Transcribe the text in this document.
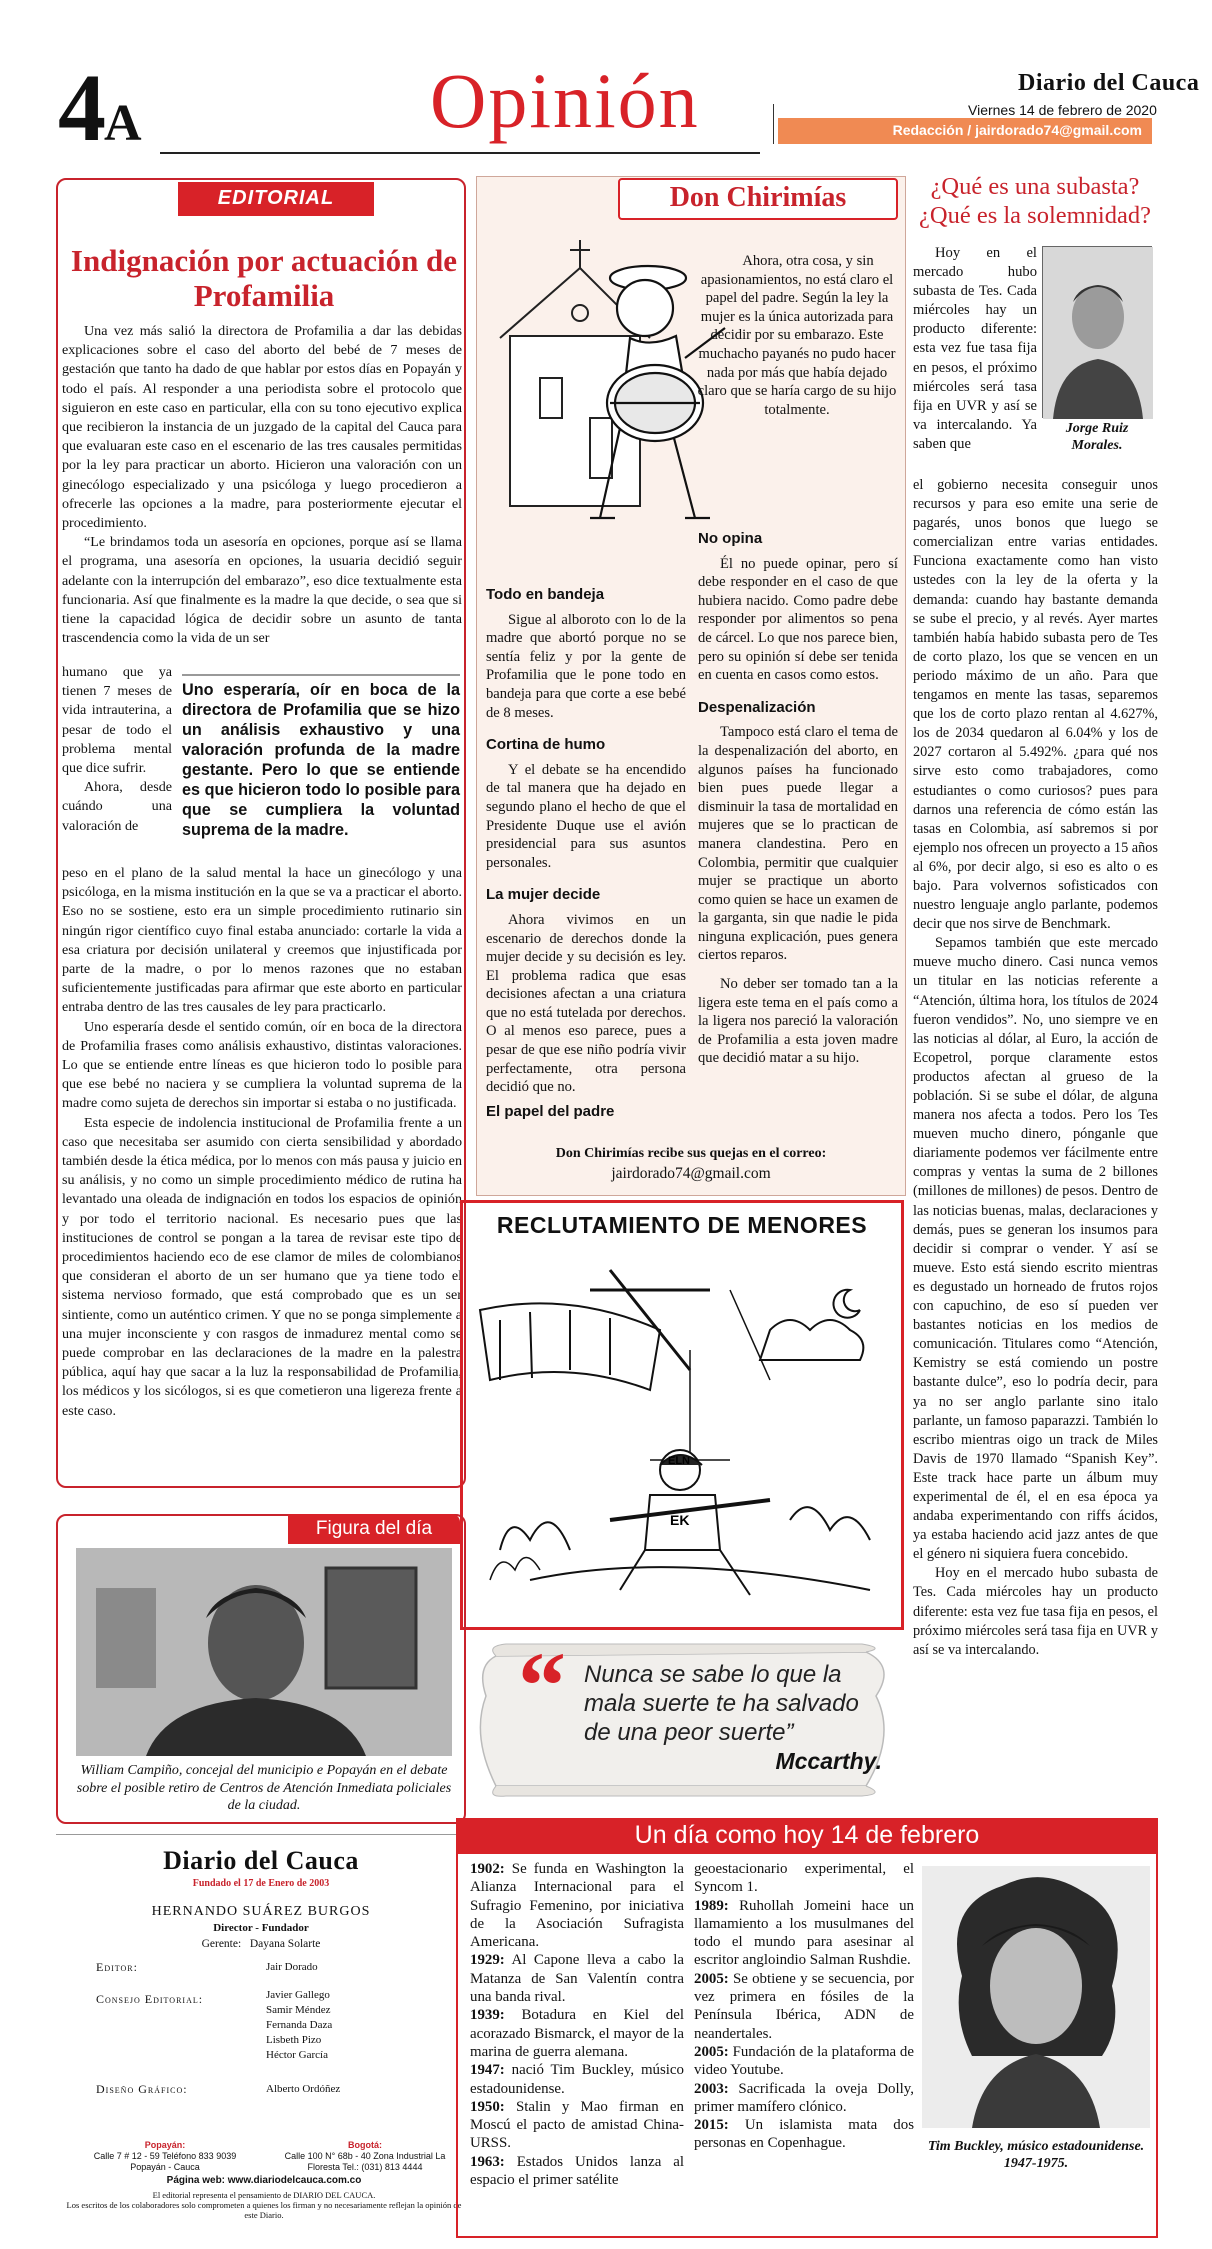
4A	Opinión	Diario del Cauca
Viernes 14 de febrero de 2020
Redacción / jairdorado74@gmail.com
EDITORIAL
Indignación por actuación de Profamilia

Una vez más salió la directora de Profamilia a dar las debidas explicaciones sobre el caso del aborto del bebé de 7 meses de gestación que tanto ha dado de que hablar por estos días en Popayán y todo el país. Al responder a una periodista sobre el protocolo que siguieron en este caso en particular, ella con su tono ejecutivo explica que recibieron la instancia de un juzgado de la capital del Cauca para que evaluaran este caso en el escenario de las tres causales permitidas por la ley para practicar un aborto. Hicieron una valoración con un ginecólogo especializado y una psicóloga y luego procedieron a ofrecerle las opciones a la madre, para posteriormente ejecutar el procedimiento.

“Le brindamos toda un asesoría en opciones, porque así se llama el programa, una asesoría en opciones, la usuaria decidió seguir adelante con la interrupción del embarazo”, eso dice textualmente esta funcionaria. Así que finalmente es la madre la que decide, o sea que si tiene la capacidad lógica de decidir sobre un asunto de tanta trascendencia como la vida de un ser

humano que ya tienen 7 meses de vida intrauterina, a pesar de todo el problema mental que dice sufrir.

Ahora, desde cuándo una valoración de

Uno esperaría, oír en boca de la directora de Profamilia que se hizo un análisis exhaustivo y una valoración profunda de la madre gestante. Pero lo que se entiende es que hicieron todo lo posible para que se cumpliera la voluntad suprema de la madre.

peso en el plano de la salud mental la hace un ginecólogo y una psicóloga, en la misma institución en la que se va a practicar el aborto. Eso no se sostiene, esto era un simple procedimiento rutinario sin ningún rigor científico cuyo final estaba anunciado: cortarle la vida a esa criatura por decisión unilateral y creemos que injustificada por parte de la madre, o por lo menos razones que no estaban suficientemente justificadas para afirmar que este aborto en particular entraba dentro de las tres causales de ley para practicarlo.

Uno esperaría desde el sentido común, oír en boca de la directora de Profamilia frases como análisis exhaustivo, distintas valoraciones. Lo que se entiende entre líneas es que hicieron todo lo posible para que ese bebé no naciera y se cumpliera la voluntad suprema de la madre como sujeta de derechos sin importar si estaba o no justificada.

Esta especie de indolencia institucional de Profamilia frente a un caso que necesitaba ser asumido con cierta sensibilidad y abordado también desde la ética médica, por lo menos con más pausa y juicio en su análisis, y no como un simple procedimiento médico de rutina ha levantado una oleada de indignación en todos los espacios de opinión y por todo el territorio nacional. Es necesario pues que las instituciones de control se pongan a la tarea de revisar este tipo de procedimientos haciendo eco de ese clamor de miles de colombianos que consideran el aborto de un ser humano que ya tiene todo el sistema nervioso formado, que está comprobado que es un ser sintiente, como un auténtico crimen. Y que no se ponga simplemente a una mujer inconsciente y con rasgos de inmadurez mental como se puede comprobar en las declaraciones de la madre en la palestra pública, aquí hay que sacar a la luz la responsabilidad de Profamilia, los médicos y los sicólogos, si es que cometieron una ligereza frente a este caso.

Don Chirimías

Ahora, otra cosa, y sin apasionamientos, no está claro el papel del padre. Según la ley la mujer es la única autorizada para decidir por su embarazo. Este muchacho payanés no pudo hacer nada por más que había dejado claro que se haría cargo de su hijo totalmente.

Todo en bandeja

Sigue al alboroto con lo de la madre que abortó porque no se sentía feliz y por la gente de Profamilia que le pone todo en bandeja para que corte a ese bebé de 8 meses.

Cortina de humo

Y el debate se ha encendido de tal manera que ha dejado en segundo plano el hecho de que el Presidente Duque use el avión presidencial para sus asuntos personales.

La mujer decide

Ahora vivimos en un escenario de derechos donde la mujer decide y su decisión es ley. El problema radica que esas decisiones afectan a una criatura que no está tutelada por derechos. O al menos eso parece, pues a pesar de que ese niño podría vivir perfectamente, otra persona decidió que no.

El papel del padre
No opina

Él no puede opinar, pero sí debe responder en el caso de que hubiera nacido. Como padre debe responder por alimentos so pena de cárcel. Lo que nos parece bien, pero su opinión sí debe ser tenida en cuenta en casos como estos.

Despenalización

Tampoco está claro el tema de la despenalización del aborto, en algunos países ha funcionado bien pues puede llegar a disminuir la tasa de mortalidad en mujeres que se lo practican de manera clandestina. Pero en Colombia, permitir que cualquier mujer se practique un aborto como quien se hace un examen de la garganta, sin que nadie le pida ninguna explicación, pues genera ciertos reparos.

No deber ser tomado tan a la ligera este tema en el país como a la ligera nos pareció la valoración de Profamilia a esta joven madre que decidió matar a su hijo.

Don Chirimías recibe sus quejas en el correo:
jairdorado74@gmail.com
RECLUTAMIENTO DE MENORES
ELN
EK
“ Nunca se sabe lo que la mala suerte te ha salvado de una peor suerte”
Mccarthy.
¿Qué es una subasta? ¿Qué es la solemnidad?
Jorge Ruiz Morales.

Hoy en el mercado hubo subasta de Tes. Cada miércoles hay un producto diferente: esta vez fue tasa fija en pesos, el próximo miércoles será tasa fija en UVR y así se va intercalando. Ya saben que

el gobierno necesita conseguir unos recursos y para eso emite una serie de pagarés, unos bonos que luego se comercializan entre varias entidades. Funciona exactamente como han visto ustedes con la ley de la oferta y la demanda: cuando hay bastante demanda se sube el precio, y al revés. Ayer martes también había habido subasta pero de Tes de corto plazo, los que se vencen en un periodo máximo de un año. Para que tengamos en mente las tasas, separemos que los de corto plazo rentan al 4.627%, los de 2034 quedaron al 6.04% y los de 2027 cortaron al 5.492%. ¿para qué nos sirve esto como trabajadores, como estudiantes o como curiosos? pues para darnos una referencia de cómo están las tasas en Colombia, así sabremos si por ejemplo nos ofrecen un proyecto a 15 años al 6%, por decir algo, si eso es alto o es bajo. Para volvernos sofisticados con nuestro lenguaje anglo parlante, podemos decir que nos sirve de Benchmark.

Sepamos también que este mercado mueve mucho dinero. Casi nunca vemos un titular en las noticias referente a “Atención, última hora, los títulos de 2024 fueron vendidos”. No, uno siempre ve en las noticias al dólar, al Euro, la acción de Ecopetrol, porque claramente estos productos afectan al grueso de la población. Si se sube el dólar, de alguna manera nos afecta a todos. Pero los Tes mueven mucho dinero, pónganle que diariamente podemos ver fácilmente entre compras y ventas la suma de 2 billones (millones de millones) de pesos. Dentro de las noticias buenas, malas, declaraciones y demás, pues se generan los insumos para decidir si comprar o vender. Y así se mueve. Esto está siendo escrito mientras es degustado un horneado de frutos rojos con capuchino, de eso sí pueden ver bastantes noticias en los medios de comunicación. Titulares como “Atención, Kemistry se está comiendo un postre bastante dulce”, eso lo podría decir, para ya no ser anglo parlante sino italo parlante, un famoso paparazzi. También lo escribo mientras oigo un track de Miles Davis de 1970 llamado “Spanish Key”. Este track hace parte un álbum muy experimental de él, el en esa época ya andaba experimentando con riffs ácidos, ya estaba haciendo acid jazz antes de que el género ni siquiera fuera concebido.

Hoy en el mercado hubo subasta de Tes. Cada miércoles hay un producto diferente: esta vez fue tasa fija en pesos, el próximo miércoles será tasa fija en UVR y así se va intercalando.

Figura del día
William Campiño, concejal del municipio e Popayán en el debate sobre el posible retiro de Centros de Atención Inmediata policiales de la ciudad.
Diario del Cauca
Fundado el 17 de Enero de 2003
HERNANDO SUÁREZ BURGOS
Director - Fundador
Gerente: Dayana Solarte
Editor:	Jair Dorado
Consejo Editorial:	Javier Gallego
Samir Méndez
Fernanda Daza
Lisbeth Pizo
Héctor García
Diseño Gráfico:	Alberto Ordóñez
Popayán:
Calle 7 # 12 - 59 Teléfono 833 9039
Popayán - Cauca
Bogotá:
Calle 100 N° 68b - 40 Zona Industrial La
Floresta Tel.: (031) 813 4444
Página web: www.diariodelcauca.com.co
El editorial representa el pensamiento de DIARIO DEL CAUCA.
Los escritos de los colaboradores solo comprometen a quienes los firman y no necesariamente reflejan la opinión de este Diario.
Un día como hoy 14 de febrero
1902: Se funda en Washington la Alianza Internacional para el Sufragio Femenino, por iniciativa de la Asociación Sufragista Americana.
1929: Al Capone lleva a cabo la Matanza de San Valentín contra una banda rival.
1939: Botadura en Kiel del acorazado Bismarck, el mayor de la marina de guerra alemana.
1947: nació Tim Buckley, músico estadounidense.
1950: Stalin y Mao firman en Moscú el pacto de amistad China-URSS.
1963: Estados Unidos lanza al espacio el primer satélite
geoestacionario experimental, el Syncom 1.
1989: Ruhollah Jomeini hace un llamamiento a los musulmanes del todo el mundo para asesinar al escritor angloindio Salman Rushdie.
2005: Se obtiene y se secuencia, por vez primera en fósiles de la Península Ibérica, ADN de neandertales.
2005: Fundación de la plataforma de video Youtube.
2003: Sacrificada la oveja Dolly, primer mamífero clónico.
2015: Un islamista mata dos personas en Copenhague.	Tim Buckley, músico estadounidense. 1947-1975.
